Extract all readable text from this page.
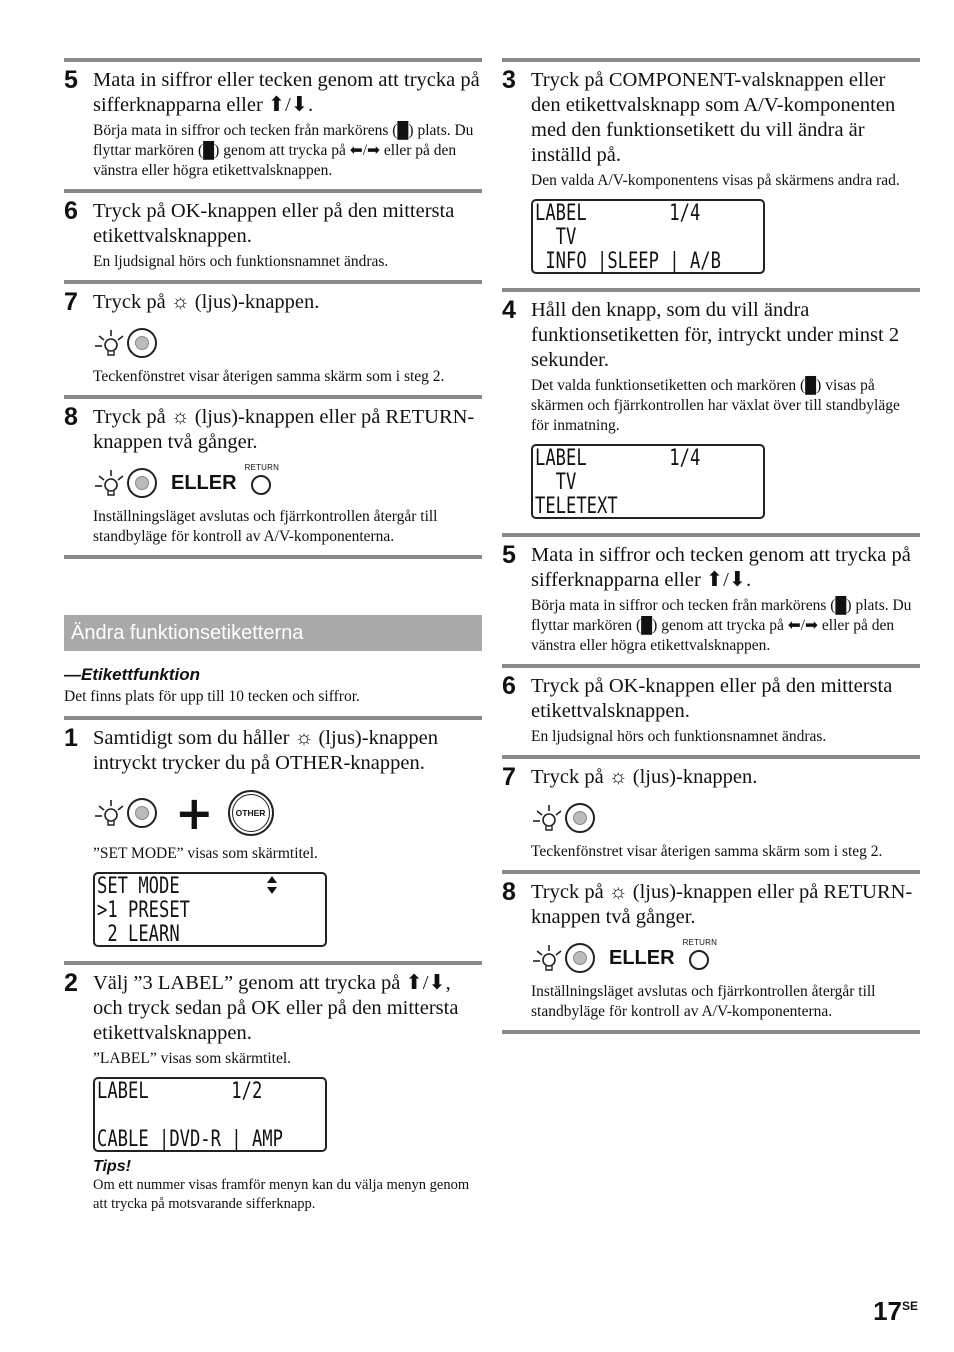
5 Mata in siffror eller tecken genom att trycka på sifferknapparna eller ⬆/⬇.
Börja mata in siffror och tecken från markörens (█) plats. Du flyttar markören (█) genom att trycka på ⬅/➡ eller på den vänstra eller högra etikettvalsknappen.
6 Tryck på OK-knappen eller på den mittersta etikettvalsknappen.
En ljudsignal hörs och funktionsnamnet ändras.
7 Tryck på ☼ (ljus)-knappen.
Teckenfönstret visar återigen samma skärm som i steg 2.
8 Tryck på ☼ (ljus)-knappen eller på RETURN-knappen två gånger.
ELLER
RETURN
Inställningsläget avslutas och fjärrkontrollen återgår till standbyläge för kontroll av A/V-komponenterna.
Ändra funktionsetiketterna
—Etikettfunktion
Det finns plats för upp till 10 tecken och siffror.
1 Samtidigt som du håller ☼ (ljus)-knappen intryckt trycker du på OTHER-knappen.
+	OTHER
”SET MODE” visas som skärmtitel.
SET MODE
>1 PRESET
2 LEARN
2 Välj ”3 LABEL” genom att trycka på ⬆/⬇, och tryck sedan på OK eller på den mittersta etikettvalsknappen.
”LABEL” visas som skärmtitel.
LABEL        1/2
CABLE |DVD-R | AMP
Tips!
Om ett nummer visas framför menyn kan du välja menyn genom att trycka på motsvarande sifferknapp.
3 Tryck på COMPONENT-valsknappen eller den etikettvalsknapp som A/V-komponenten med den funktionsetikett du vill ändra är inställd på.
Den valda A/V-komponentens visas på skärmens andra rad.
LABEL        1/4
TV
INFO |SLEEP | A/B
4 Håll den knapp, som du vill ändra funktionsetiketten för, intryckt under minst 2 sekunder.
Det valda funktionsetiketten och markören (█) visas på skärmen och fjärrkontrollen har växlat över till standbyläge för inmatning.
LABEL        1/4
TV
TELETEXT
5 Mata in siffror och tecken genom att trycka på sifferknapparna eller ⬆/⬇.
Börja mata in siffror och tecken från markörens (█) plats. Du flyttar markören (█) genom att trycka på ⬅/➡ eller på den vänstra eller högra etikettvalsknappen.
6 Tryck på OK-knappen eller på den mittersta etikettvalsknappen.
En ljudsignal hörs och funktionsnamnet ändras.
7 Tryck på ☼ (ljus)-knappen.
Teckenfönstret visar återigen samma skärm som i steg 2.
8 Tryck på ☼ (ljus)-knappen eller på RETURN-knappen två gånger.
ELLER
RETURN
Inställningsläget avslutas och fjärrkontrollen återgår till standbyläge för kontroll av A/V-komponenterna.
$17^{SE}$
